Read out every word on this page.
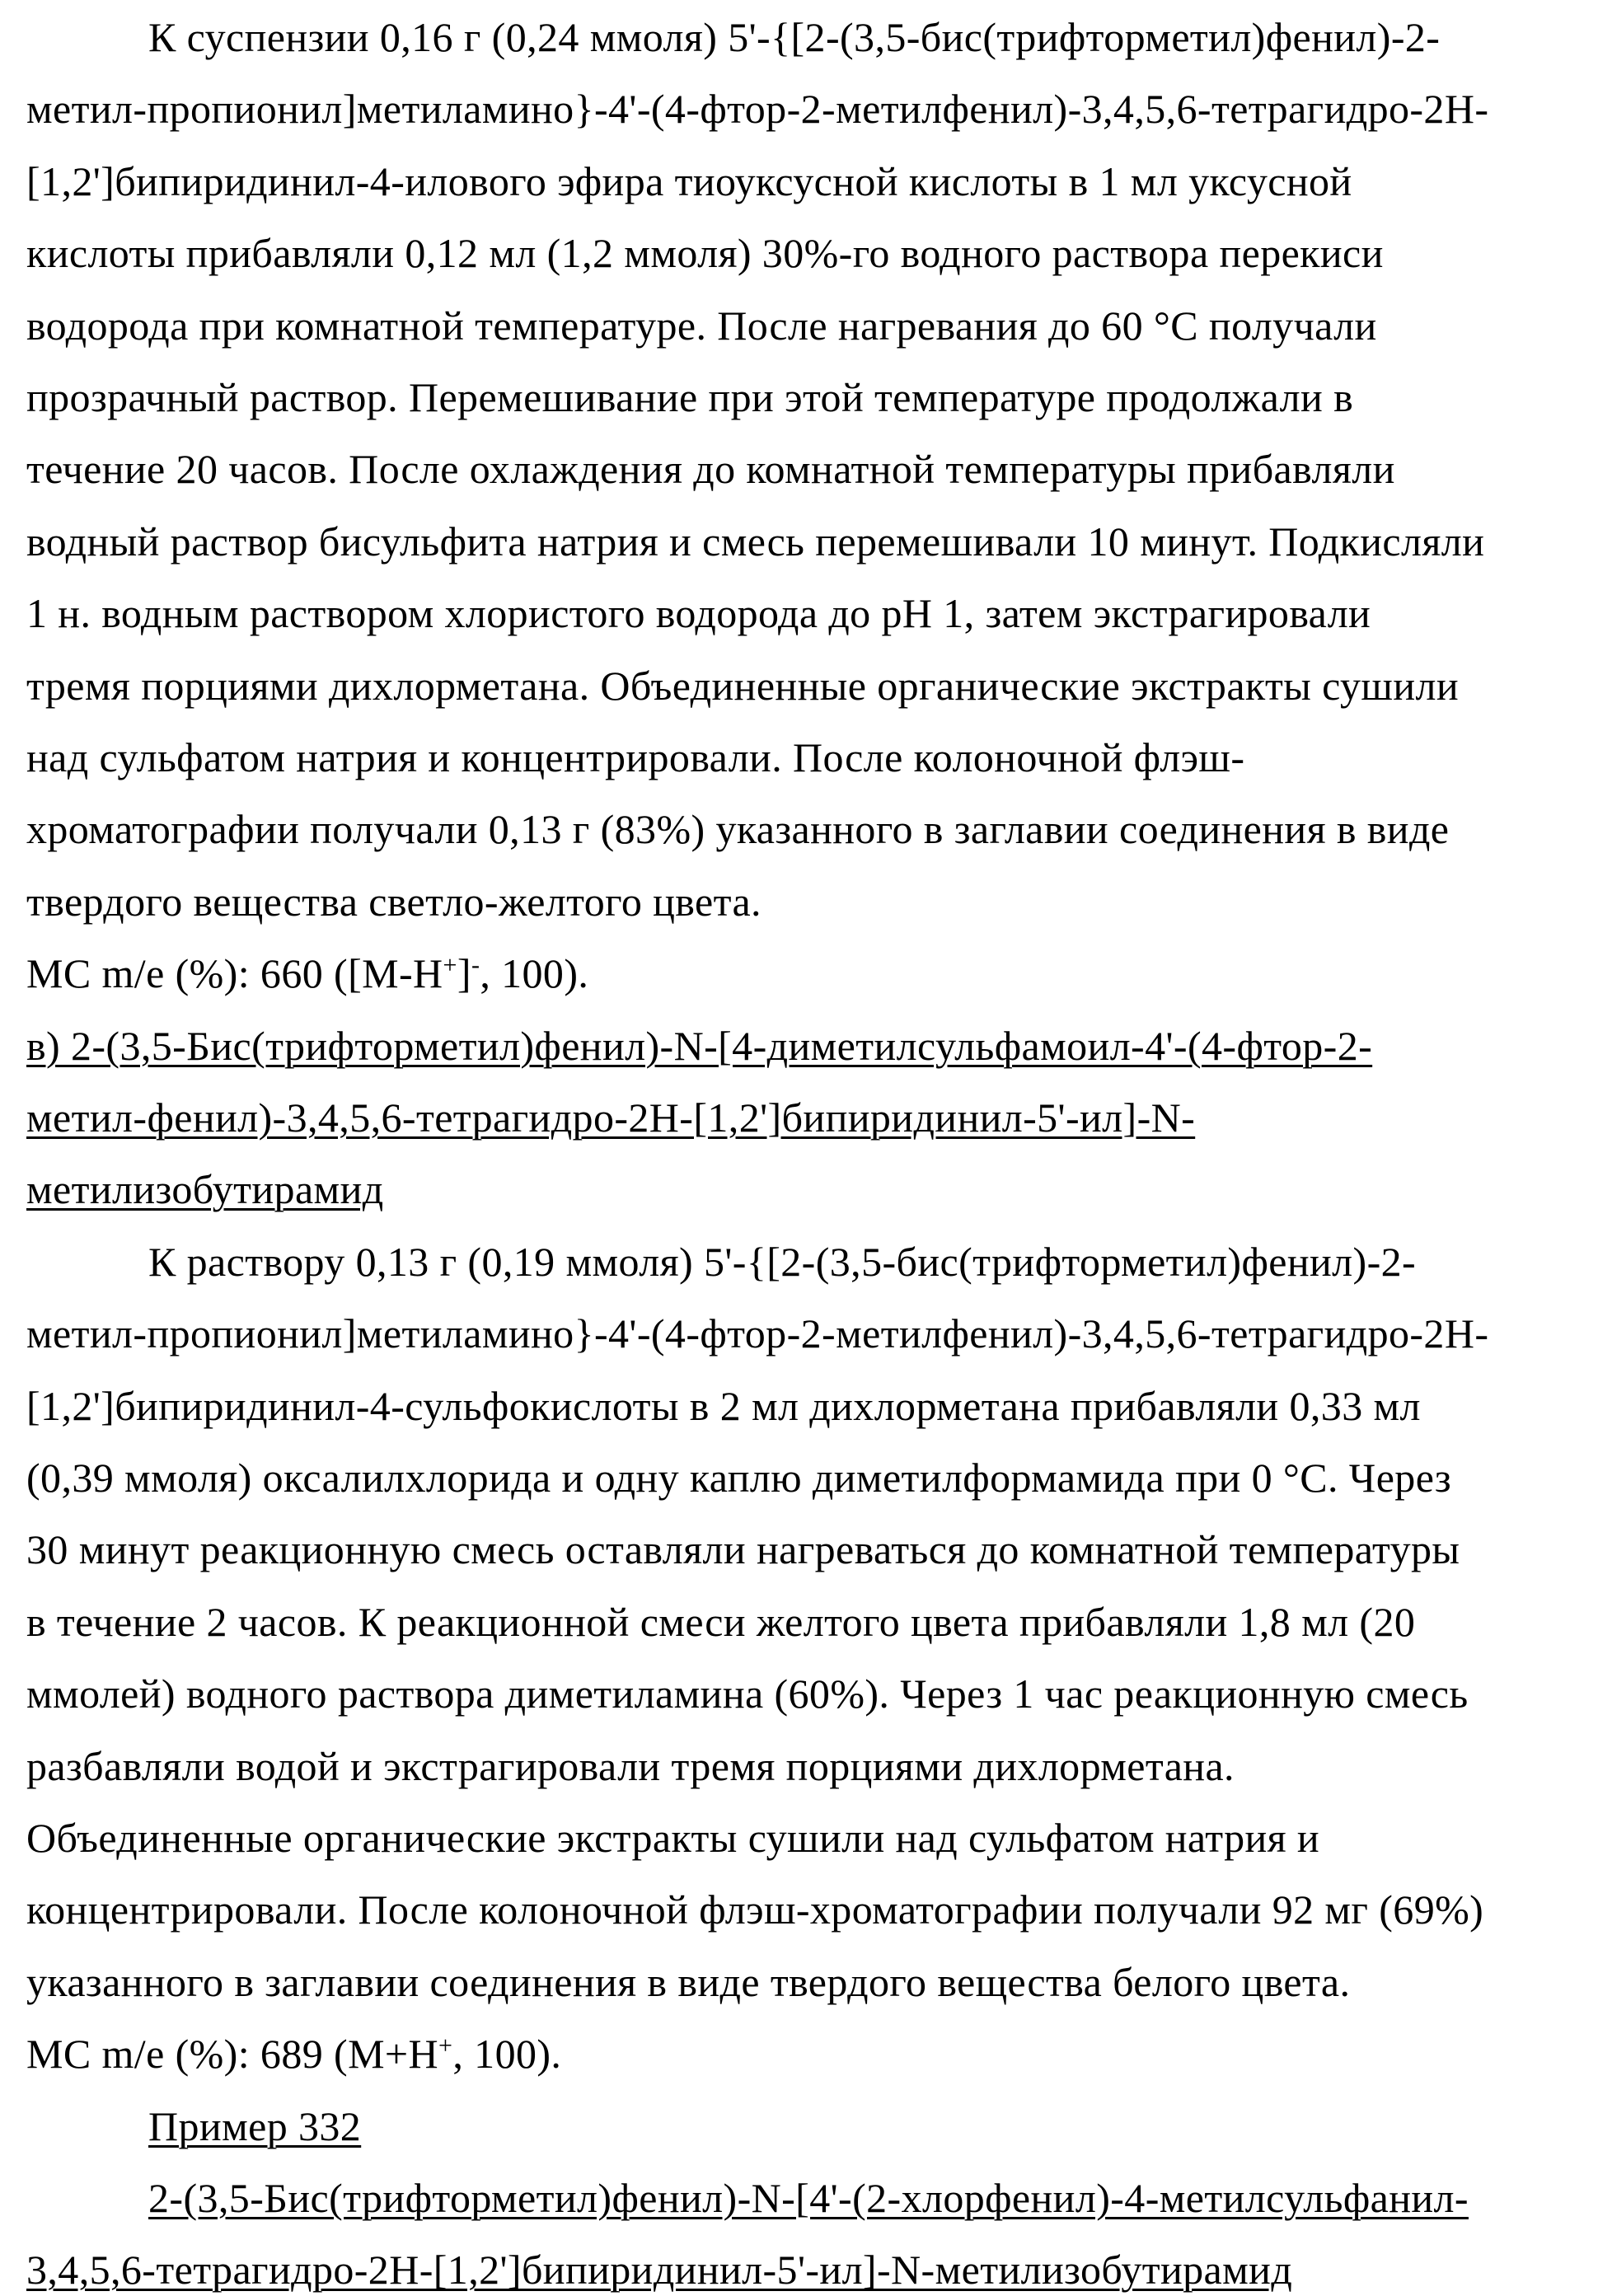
К суспензии 0,16 г (0,24 ммоля) 5'-{[2-(3,5-бис(трифторметил)фенил)-2-
метил-пропионил]метиламино}-4'-(4-фтор-2-метилфенил)-3,4,5,6-тетрагидро-2Н-
[1,2']бипиридинил-4-илового эфира тиоуксусной кислоты в 1 мл уксусной
кислоты прибавляли 0,12 мл (1,2 ммоля) 30%-го водного раствора перекиси
водорода при комнатной температуре. После нагревания до 60 °С получали
прозрачный раствор. Перемешивание при этой температуре продолжали в
течение 20 часов. После охлаждения до комнатной температуры прибавляли
водный раствор бисульфита натрия и смесь перемешивали 10 минут. Подкисляли
1 н. водным раствором хлористого водорода до рН 1, затем экстрагировали
тремя порциями дихлорметана. Объединенные органические экстракты сушили
над сульфатом натрия и концентрировали. После колоночной флэш-
хроматографии получали 0,13 г (83%) указанного в заглавии соединения в виде
твердого вещества светло-желтого цвета.
МС m/e (%): 660 ([M-H+]-, 100).
в) 2-(3,5-Бис(трифторметил)фенил)-N-[4-диметилсульфамоил-4'-(4-фтор-2-
метил-фенил)-3,4,5,6-тетрагидро-2Н-[1,2']бипиридинил-5'-ил]-N-
метилизобутирамид
К раствору 0,13 г (0,19 ммоля) 5'-{[2-(3,5-бис(трифторметил)фенил)-2-
метил-пропионил]метиламино}-4'-(4-фтор-2-метилфенил)-3,4,5,6-тетрагидро-2Н-
[1,2']бипиридинил-4-сульфокислоты в 2 мл дихлорметана прибавляли 0,33 мл
(0,39 ммоля) оксалилхлорида и одну каплю диметилформамида при 0 °С. Через
30 минут реакционную смесь оставляли нагреваться до комнатной температуры
в течение 2 часов. К реакционной смеси желтого цвета прибавляли 1,8 мл (20
ммолей) водного раствора диметиламина (60%). Через 1 час реакционную смесь
разбавляли водой и экстрагировали тремя порциями дихлорметана.
Объединенные органические экстракты сушили над сульфатом натрия и
концентрировали. После колоночной флэш-хроматографии получали 92 мг (69%)
указанного в заглавии соединения в виде твердого вещества белого цвета.
МС m/e (%): 689 (M+H+, 100).
Пример 332
2-(3,5-Бис(трифторметил)фенил)-N-[4'-(2-хлорфенил)-4-метилсульфанил-
3,4,5,6-тетрагидро-2Н-[1,2']бипиридинил-5'-ил]-N-метилизобутирамид
